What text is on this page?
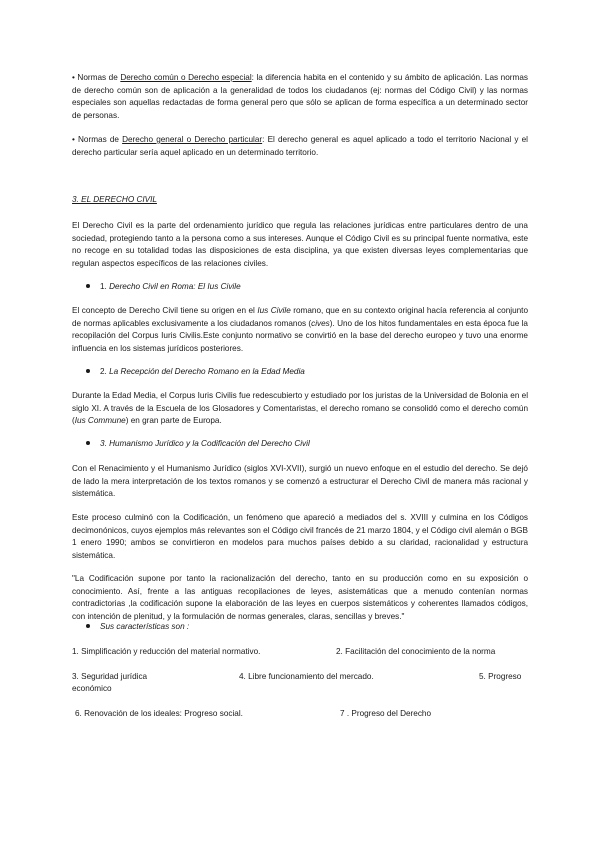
• Normas de Derecho común o Derecho especial: la diferencia habita en el contenido y su ámbito de aplicación. Las normas de derecho común son de aplicación a la generalidad de todos los ciudadanos (ej: normas del Código Civil) y las normas especiales son aquellas redactadas de forma general pero que sólo se aplican de forma específica a un determinado sector de personas.

• Normas de Derecho general o Derecho particular: El derecho general es aquel aplicado a todo el territorio Nacional y el derecho particular sería aquel aplicado en un determinado territorio.

3. EL DERECHO CIVIL

El Derecho Civil es la parte del ordenamiento jurídico que regula las relaciones jurídicas entre particulares dentro de una sociedad, protegiendo tanto a la persona como a sus intereses. Aunque el Código Civil es su principal fuente normativa, este no recoge en su totalidad todas las disposiciones de esta disciplina, ya que existen diversas leyes complementarias que regulan aspectos específicos de las relaciones civiles.

1. Derecho Civil en Roma: El Ius Civile

El concepto de Derecho Civil tiene su origen en el Ius Civile romano, que en su contexto original hacía referencia al conjunto de normas aplicables exclusivamente a los ciudadanos romanos (cives). Uno de los hitos fundamentales en esta época fue la recopilación del Corpus Iuris Civilis.Este conjunto normativo se convirtió en la base del derecho europeo y tuvo una enorme influencia en los sistemas jurídicos posteriores.

2. La Recepción del Derecho Romano en la Edad Media

Durante la Edad Media, el Corpus Iuris Civilis fue redescubierto y estudiado por los juristas de la Universidad de Bolonia en el siglo XI. A través de la Escuela de los Glosadores y Comentaristas, el derecho romano se consolidó como el derecho común (Ius Commune) en gran parte de Europa.

3. Humanismo Jurídico y la Codificación del Derecho Civil

Con el Renacimiento y el Humanismo Jurídico (siglos XVI-XVII), surgió un nuevo enfoque en el estudio del derecho. Se dejó de lado la mera interpretación de los textos romanos y se comenzó a estructurar el Derecho Civil de manera más racional y sistemática.

Este proceso culminó con la Codificación, un fenómeno que apareció a mediados del s. XVIII y culmina en los Códigos decimonónicos, cuyos ejemplos más relevantes son el Código civil francés de 21 marzo 1804, y el Código civil alemán o BGB 1 enero 1990; ambos se convirtieron en modelos para muchos países debido a su claridad, racionalidad y estructura sistemática.

"La Codificación supone por tanto la racionalización del derecho, tanto en su producción como en su exposición o conocimiento. Así, frente a las antiguas recopilaciones de leyes, asistemáticas que a menudo contenían normas contradictorias ,la codificación supone la elaboración de las leyes en cuerpos sistemáticos y coherentes llamados códigos, con intención de plenitud, y la formulación de normas generales, claras, sencillas y breves."

Sus características son :
1. Simplificación y reducción del material normativo.	2. Facilitación del conocimiento de la norma
3. Seguridad jurídica	4. Libre funcionamiento del mercado.	5. Progreso
económico
6. Renovación de los ideales: Progreso social.	7 . Progreso del Derecho
